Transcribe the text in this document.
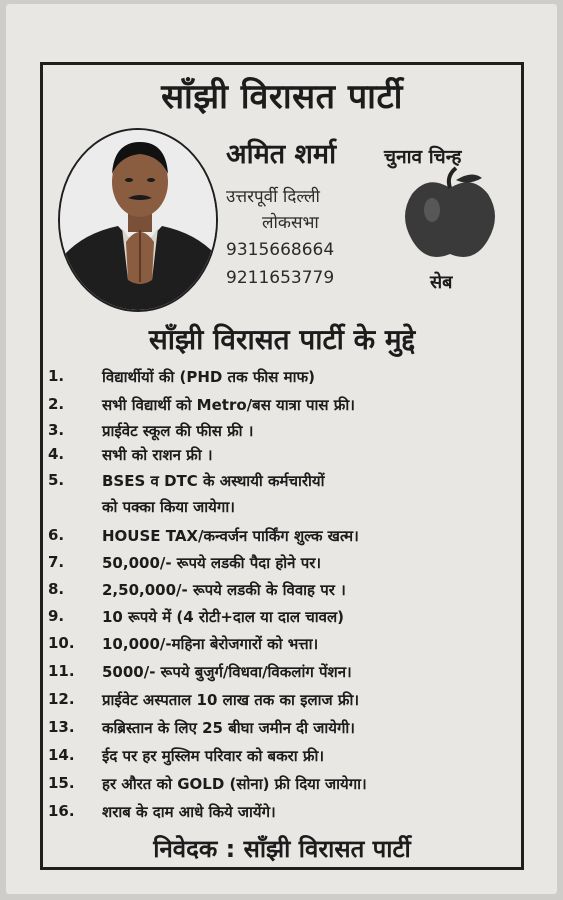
साँझी विरासत पार्टी
अमित शर्मा	चुनाव चिन्ह
उत्तरपूर्वी दिल्ली
लोकसभा
9315668664
9211653779	सेब
साँझी विरासत पार्टी के मुद्दे
1.	विद्यार्थीयों की (PHD तक फीस माफ)
2.	सभी विद्यार्थी को Metro/बस यात्रा पास फ्री।
3.	प्राईवेट स्कूल की फीस फ्री ।
4.	सभी को राशन फ्री ।
5.	BSES व DTC के अस्थायी कर्मचारीयों
को पक्का किया जायेगा।
6.	HOUSE TAX/कन्वर्जन पार्किंग शुल्क खत्म।
7.	50,000/- रूपये लडकी पैदा होने पर।
8.	2,50,000/- रूपये लडकी के विवाह पर ।
9.	10 रूपये में (4 रोटी+दाल या दाल चावल)
10. 10,000/-महिना बेरोजगारों को भत्ता।
11. 5000/- रूपये बुजुर्ग/विधवा/विकलांग पेंशन।
12. प्राईवेट अस्पताल 10 लाख तक का इलाज फ्री।
13. कब्रिस्तान के लिए 25 बीघा जमीन दी जायेगी।
14. ईद पर हर मुस्लिम परिवार को बकरा फ्री।
15. हर औरत को GOLD (सोना) फ्री दिया जायेगा।
16. शराब के दाम आधे किये जायेंगे।
निवेदक : साँझी विरासत पार्टी
